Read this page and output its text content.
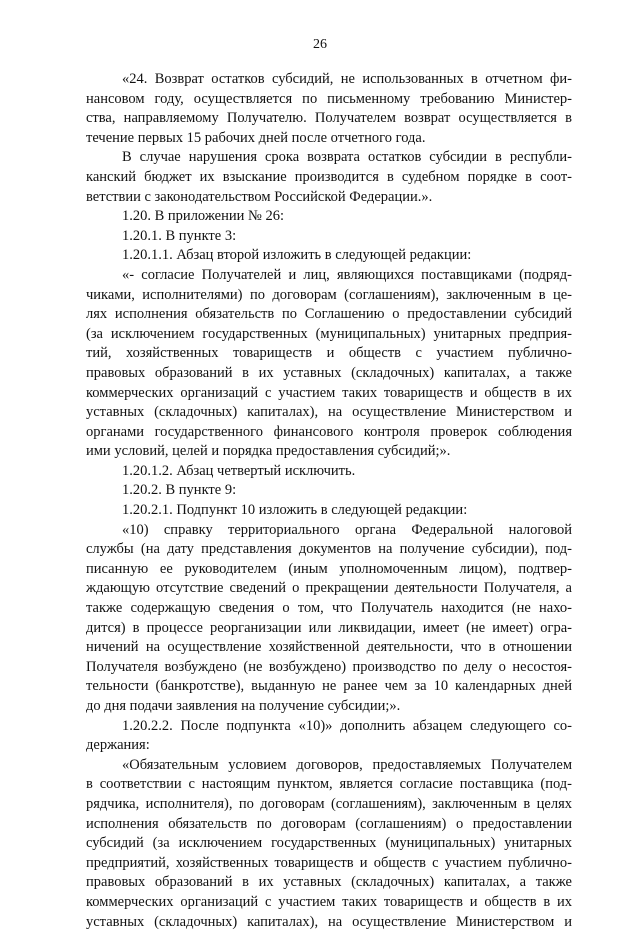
26
«24. Возврат остатков субсидий, не использованных в отчетном фи-
нансовом году, осуществляется по письменному требованию Министер-
ства, направляемому Получателю. Получателем возврат осуществляется в
течение первых 15 рабочих дней после отчетного года.
В случае нарушения срока возврата остатков субсидии в республи-
канский бюджет их взыскание производится в судебном порядке в соот-
ветствии с законодательством Российской Федерации.».
1.20. В приложении № 26:
1.20.1. В пункте 3:
1.20.1.1. Абзац второй изложить в следующей редакции:
«- согласие Получателей и лиц, являющихся поставщиками (подряд-
чиками, исполнителями) по договорам (соглашениям), заключенным в це-
лях исполнения обязательств по Соглашению о предоставлении субсидий
(за исключением государственных (муниципальных) унитарных предприя-
тий, хозяйственных товариществ и обществ с участием публично-
правовых образований в их уставных (складочных) капиталах, а также
коммерческих организаций с участием таких товариществ и обществ в их
уставных (складочных) капиталах), на осуществление Министерством и
органами государственного финансового контроля проверок соблюдения
ими условий, целей и порядка предоставления субсидий;».
1.20.1.2. Абзац четвертый исключить.
1.20.2. В пункте 9:
1.20.2.1. Подпункт 10 изложить в следующей редакции:
«10) справку территориального органа Федеральной налоговой
службы (на дату представления документов на получение субсидии), под-
писанную ее руководителем (иным уполномоченным лицом), подтвер-
ждающую отсутствие сведений о прекращении деятельности Получателя, а
также содержащую сведения о том, что Получатель находится (не нахо-
дится) в процессе реорганизации или ликвидации, имеет (не имеет) огра-
ничений на осуществление хозяйственной деятельности, что в отношении
Получателя возбуждено (не возбуждено) производство по делу о несостоя-
тельности (банкротстве), выданную не ранее чем за 10 календарных дней
до дня подачи заявления на получение субсидии;».
1.20.2.2. После подпункта «10)» дополнить абзацем следующего со-
держания:
«Обязательным условием договоров, предоставляемых Получателем
в соответствии с настоящим пунктом, является согласие поставщика (под-
рядчика, исполнителя), по договорам (соглашениям), заключенным в целях
исполнения обязательств по договорам (соглашениям) о предоставлении
субсидий (за исключением государственных (муниципальных) унитарных
предприятий, хозяйственных товариществ и обществ с участием публично-
правовых образований в их уставных (складочных) капиталах, а также
коммерческих организаций с участием таких товариществ и обществ в их
уставных (складочных) капиталах), на осуществление Министерством и
